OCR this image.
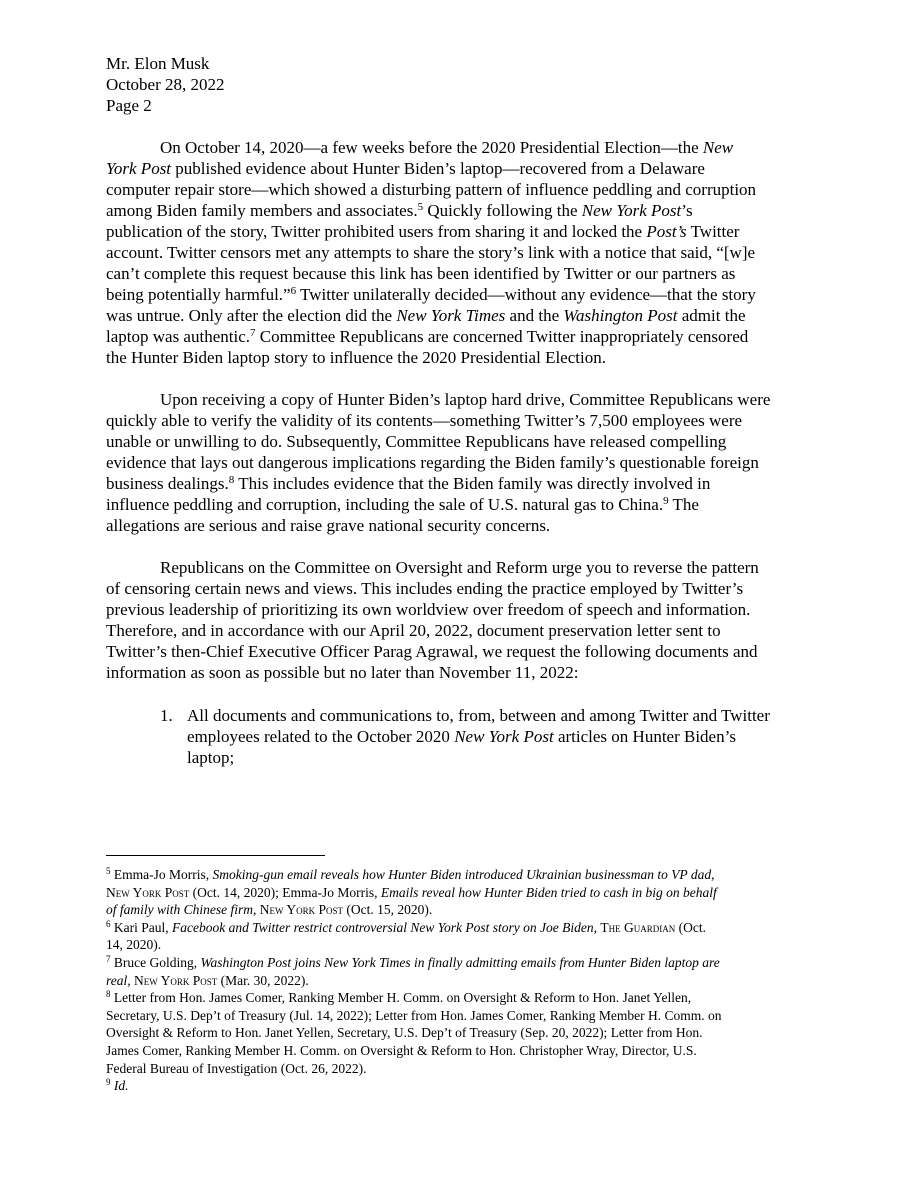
Mr. Elon Musk
October 28, 2022
Page 2
On October 14, 2020—a few weeks before the 2020 Presidential Election—the New
York Post published evidence about Hunter Biden’s laptop—recovered from a Delaware
computer repair store—which showed a disturbing pattern of influence peddling and corruption
among Biden family members and associates.$^5$ Quickly following the New York Post’s
publication of the story, Twitter prohibited users from sharing it and locked the Post’s Twitter
account. Twitter censors met any attempts to share the story’s link with a notice that said, “[w]e
can’t complete this request because this link has been identified by Twitter or our partners as
being potentially harmful.”$^6$ Twitter unilaterally decided—without any evidence—that the story
was untrue. Only after the election did the New York Times and the Washington Post admit the
laptop was authentic.$^7$ Committee Republicans are concerned Twitter inappropriately censored
the Hunter Biden laptop story to influence the 2020 Presidential Election.
Upon receiving a copy of Hunter Biden’s laptop hard drive, Committee Republicans were
quickly able to verify the validity of its contents—something Twitter’s 7,500 employees were
unable or unwilling to do. Subsequently, Committee Republicans have released compelling
evidence that lays out dangerous implications regarding the Biden family’s questionable foreign
business dealings.$^8$ This includes evidence that the Biden family was directly involved in
influence peddling and corruption, including the sale of U.S. natural gas to China.$^9$ The
allegations are serious and raise grave national security concerns.
Republicans on the Committee on Oversight and Reform urge you to reverse the pattern
of censoring certain news and views. This includes ending the practice employed by Twitter’s
previous leadership of prioritizing its own worldview over freedom of speech and information.
Therefore, and in accordance with our April 20, 2022, document preservation letter sent to
Twitter’s then-Chief Executive Officer Parag Agrawal, we request the following documents and
information as soon as possible but no later than November 11, 2022:
1. All documents and communications to, from, between and among Twitter and Twitter
employees related to the October 2020 New York Post articles on Hunter Biden’s
laptop;
$^5$ Emma-Jo Morris, Smoking-gun email reveals how Hunter Biden introduced Ukrainian businessman to VP dad,
New York Post (Oct. 14, 2020); Emma-Jo Morris, Emails reveal how Hunter Biden tried to cash in big on behalf
of family with Chinese firm, New York Post (Oct. 15, 2020).
$^6$ Kari Paul, Facebook and Twitter restrict controversial New York Post story on Joe Biden, The Guardian (Oct.
14, 2020).
$^7$ Bruce Golding, Washington Post joins New York Times in finally admitting emails from Hunter Biden laptop are
real, New York Post (Mar. 30, 2022).
$^8$ Letter from Hon. James Comer, Ranking Member H. Comm. on Oversight & Reform to Hon. Janet Yellen,
Secretary, U.S. Dep’t of Treasury (Jul. 14, 2022); Letter from Hon. James Comer, Ranking Member H. Comm. on
Oversight & Reform to Hon. Janet Yellen, Secretary, U.S. Dep’t of Treasury (Sep. 20, 2022); Letter from Hon.
James Comer, Ranking Member H. Comm. on Oversight & Reform to Hon. Christopher Wray, Director, U.S.
Federal Bureau of Investigation (Oct. 26, 2022).
$^9$ Id.
